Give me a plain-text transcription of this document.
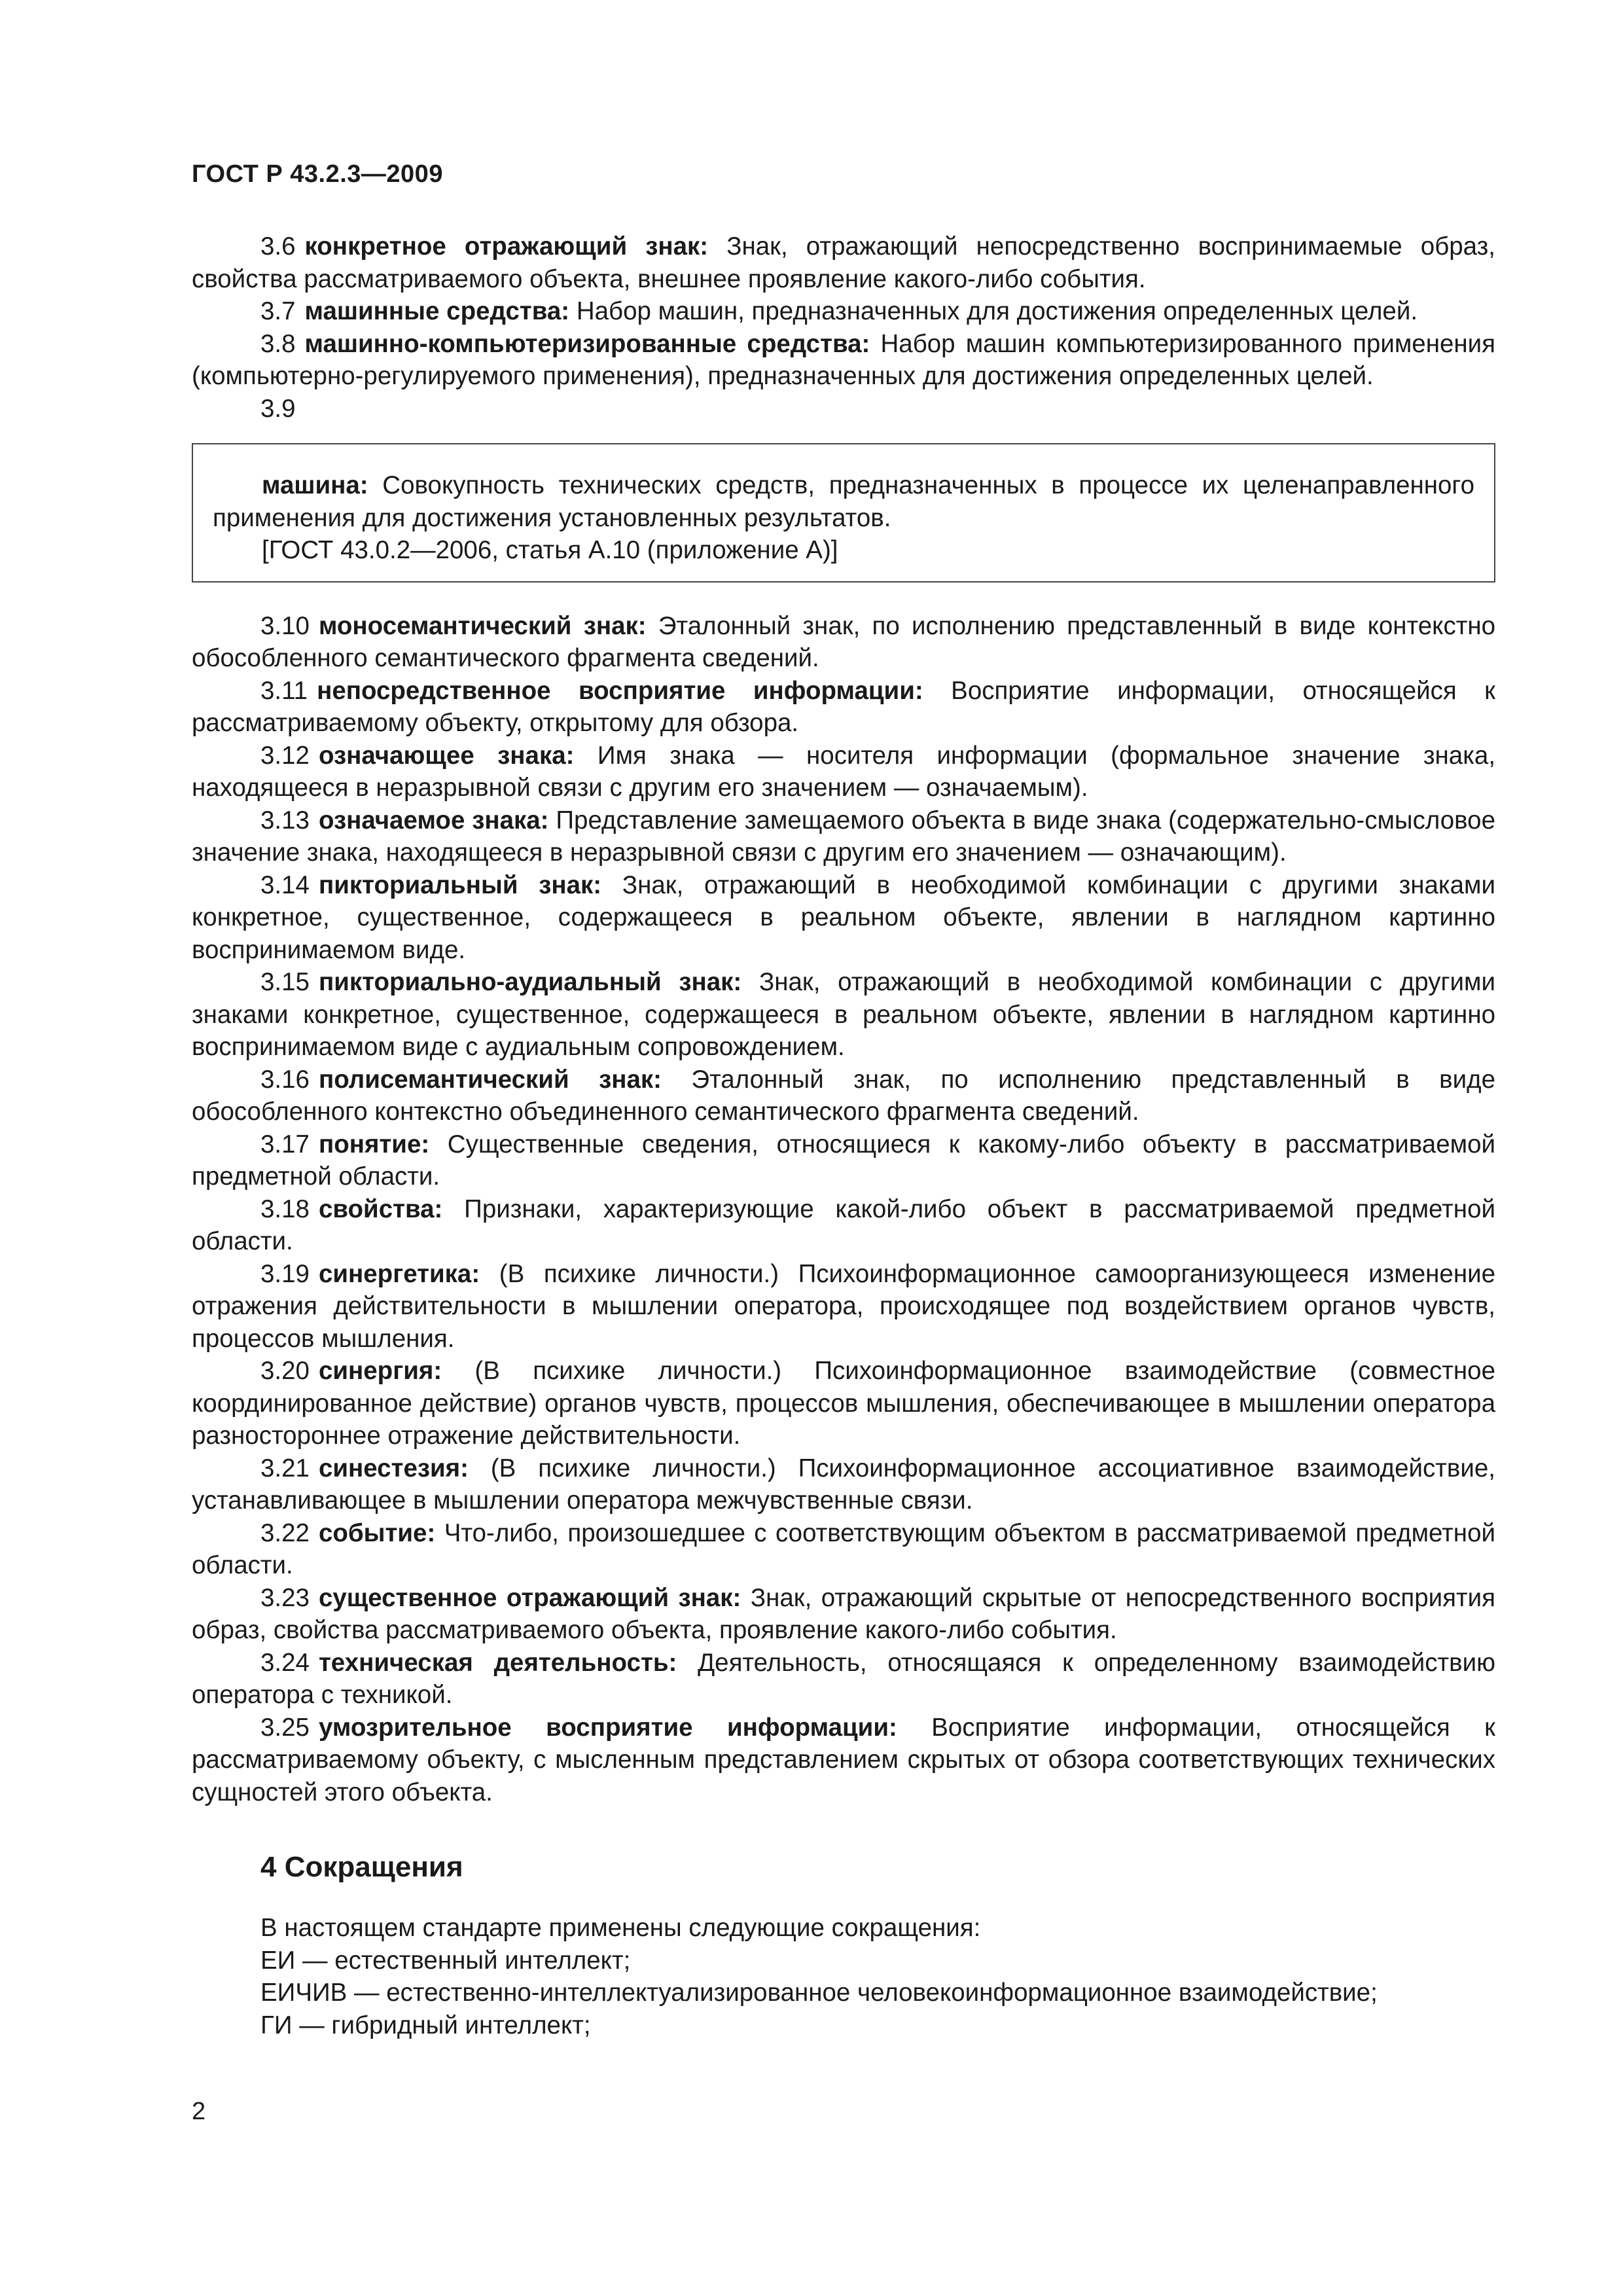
ГОСТ Р 43.2.3—2009

3.6 конкретное отражающий знак: Знак, отражающий непосредственно воспринимаемые образ, свойства рассматриваемого объекта, внешнее проявление какого-либо события.

3.7 машинные средства: Набор машин, предназначенных для достижения определенных целей.

3.8 машинно-компьютеризированные средства: Набор машин компьютеризированного применения (компьютерно-регулируемого применения), предназначенных для достижения определенных целей.

3.9

машина: Совокупность технических средств, предназначенных в процессе их целенаправленного применения для достижения установленных результатов.

[ГОСТ 43.0.2—2006, статья А.10 (приложение А)]

3.10 моносемантический знак: Эталонный знак, по исполнению представленный в виде контекстно обособленного семантического фрагмента сведений.

3.11 непосредственное восприятие информации: Восприятие информации, относящейся к рассматриваемому объекту, открытому для обзора.

3.12 означающее знака: Имя знака — носителя информации (формальное значение знака, находящееся в неразрывной связи с другим его значением — означаемым).

3.13 означаемое знака: Представление замещаемого объекта в виде знака (содержательно-смысловое значение знака, находящееся в неразрывной связи с другим его значением — означающим).

3.14 пикториальный знак: Знак, отражающий в необходимой комбинации с другими знаками конкретное, существенное, содержащееся в реальном объекте, явлении в наглядном картинно воспринимаемом виде.

3.15 пикториально-аудиальный знак: Знак, отражающий в необходимой комбинации с другими знаками конкретное, существенное, содержащееся в реальном объекте, явлении в наглядном картинно воспринимаемом виде с аудиальным сопровождением.

3.16 полисемантический знак: Эталонный знак, по исполнению представленный в виде обособленного контекстно объединенного семантического фрагмента сведений.

3.17 понятие: Существенные сведения, относящиеся к какому-либо объекту в рассматриваемой предметной области.

3.18 свойства: Признаки, характеризующие какой-либо объект в рассматриваемой предметной области.

3.19 синергетика: (В психике личности.) Психоинформационное самоорганизующееся изменение отражения действительности в мышлении оператора, происходящее под воздействием органов чувств, процессов мышления.

3.20 синергия: (В психике личности.) Психоинформационное взаимодействие (совместное координированное действие) органов чувств, процессов мышления, обеспечивающее в мышлении оператора разностороннее отражение действительности.

3.21 синестезия: (В психике личности.) Психоинформационное ассоциативное взаимодействие, устанавливающее в мышлении оператора межчувственные связи.

3.22 событие: Что-либо, произошедшее с соответствующим объектом в рассматриваемой предметной области.

3.23 существенное отражающий знак: Знак, отражающий скрытые от непосредственного восприятия образ, свойства рассматриваемого объекта, проявление какого-либо события.

3.24 техническая деятельность: Деятельность, относящаяся к определенному взаимодействию оператора с техникой.

3.25 умозрительное восприятие информации: Восприятие информации, относящейся к рассматриваемому объекту, с мысленным представлением скрытых от обзора соответствующих технических сущностей этого объекта.

4 Сокращения

В настоящем стандарте применены следующие сокращения:

ЕИ — естественный интеллект;

ЕИЧИВ — естественно-интеллектуализированное человекоинформационное взаимодействие;

ГИ — гибридный интеллект;

2
